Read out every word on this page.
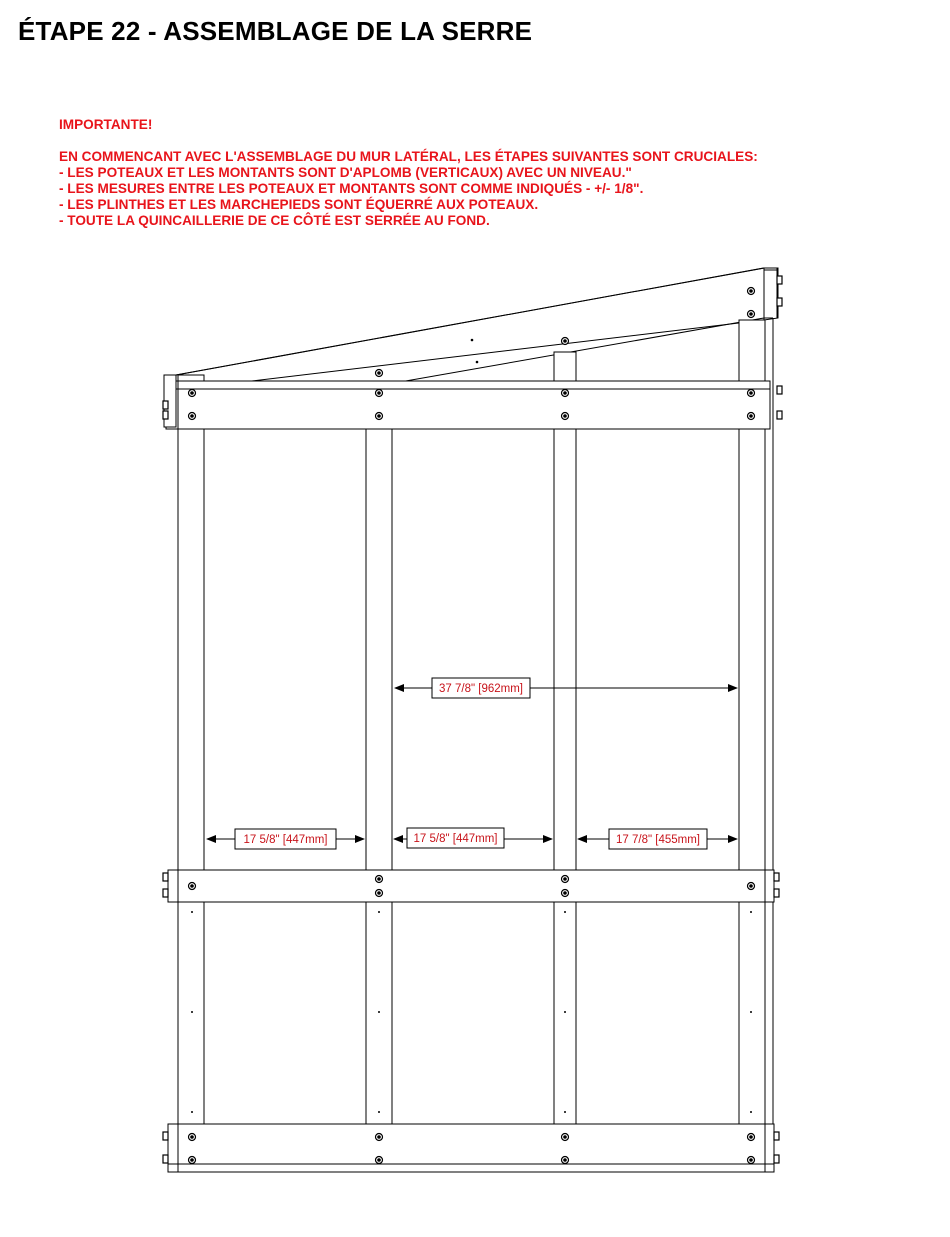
ÉTAPE 22 - ASSEMBLAGE DE LA SERRE
IMPORTANTE!
EN COMMENCANT AVEC L'ASSEMBLAGE DU MUR LATÉRAL, LES ÉTAPES SUIVANTES SONT CRUCIALES:
- LES POTEAUX ET LES MONTANTS SONT D'APLOMB (VERTICAUX) AVEC UN NIVEAU."
- LES MESURES ENTRE LES POTEAUX ET MONTANTS SONT COMME INDIQUÉS - +/- 1/8".
- LES PLINTHES ET LES MARCHEPIEDS SONT ÉQUERRÉ AUX POTEAUX.
- TOUTE LA QUINCAILLERIE DE CE CÔTÉ EST SERRÉE AU FOND.
37 7/8" [962mm]
17 5/8" [447mm]	17 5/8" [447mm]	17 7/8" [455mm]
